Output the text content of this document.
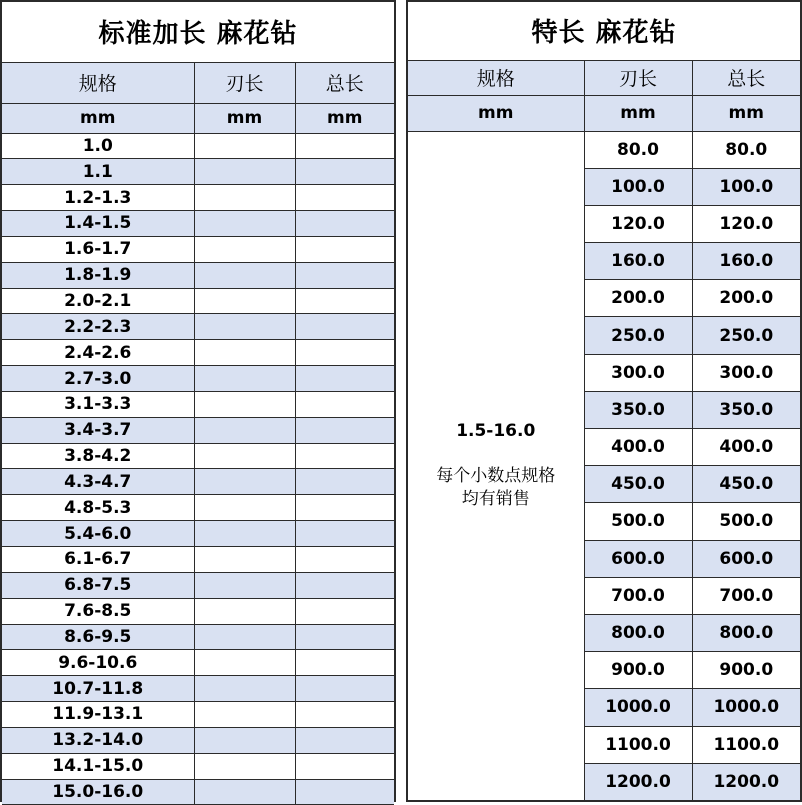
标准加长 麻花钻		
规格	刃长	总长
mm	mm	mm
1.0		
1.1		
1.2-1.3		
1.4-1.5		
1.6-1.7		
1.8-1.9		
2.0-2.1		
2.2-2.3		
2.4-2.6		
2.7-3.0		
3.1-3.3		
3.4-3.7		
3.8-4.2		
4.3-4.7		
4.8-5.3		
5.4-6.0		
6.1-6.7		
6.8-7.5		
7.6-8.5		
8.6-9.5		
9.6-10.6		
10.7-11.8		
11.9-13.1		
13.2-14.0		
14.1-15.0		
15.0-16.0		
特长 麻花钻		
规格	刃长	总长
mm	mm	mm

1.5-16.0
每个小数点规格
均有销售	80.0	80.0
	100.0	100.0
	120.0	120.0
	160.0	160.0
	200.0	200.0
	250.0	250.0
	300.0	300.0
	350.0	350.0
	400.0	400.0
	450.0	450.0
	500.0	500.0
	600.0	600.0
	700.0	700.0
	800.0	800.0
	900.0	900.0
	1000.0	1000.0
	1100.0	1100.0
	1200.0	1200.0
